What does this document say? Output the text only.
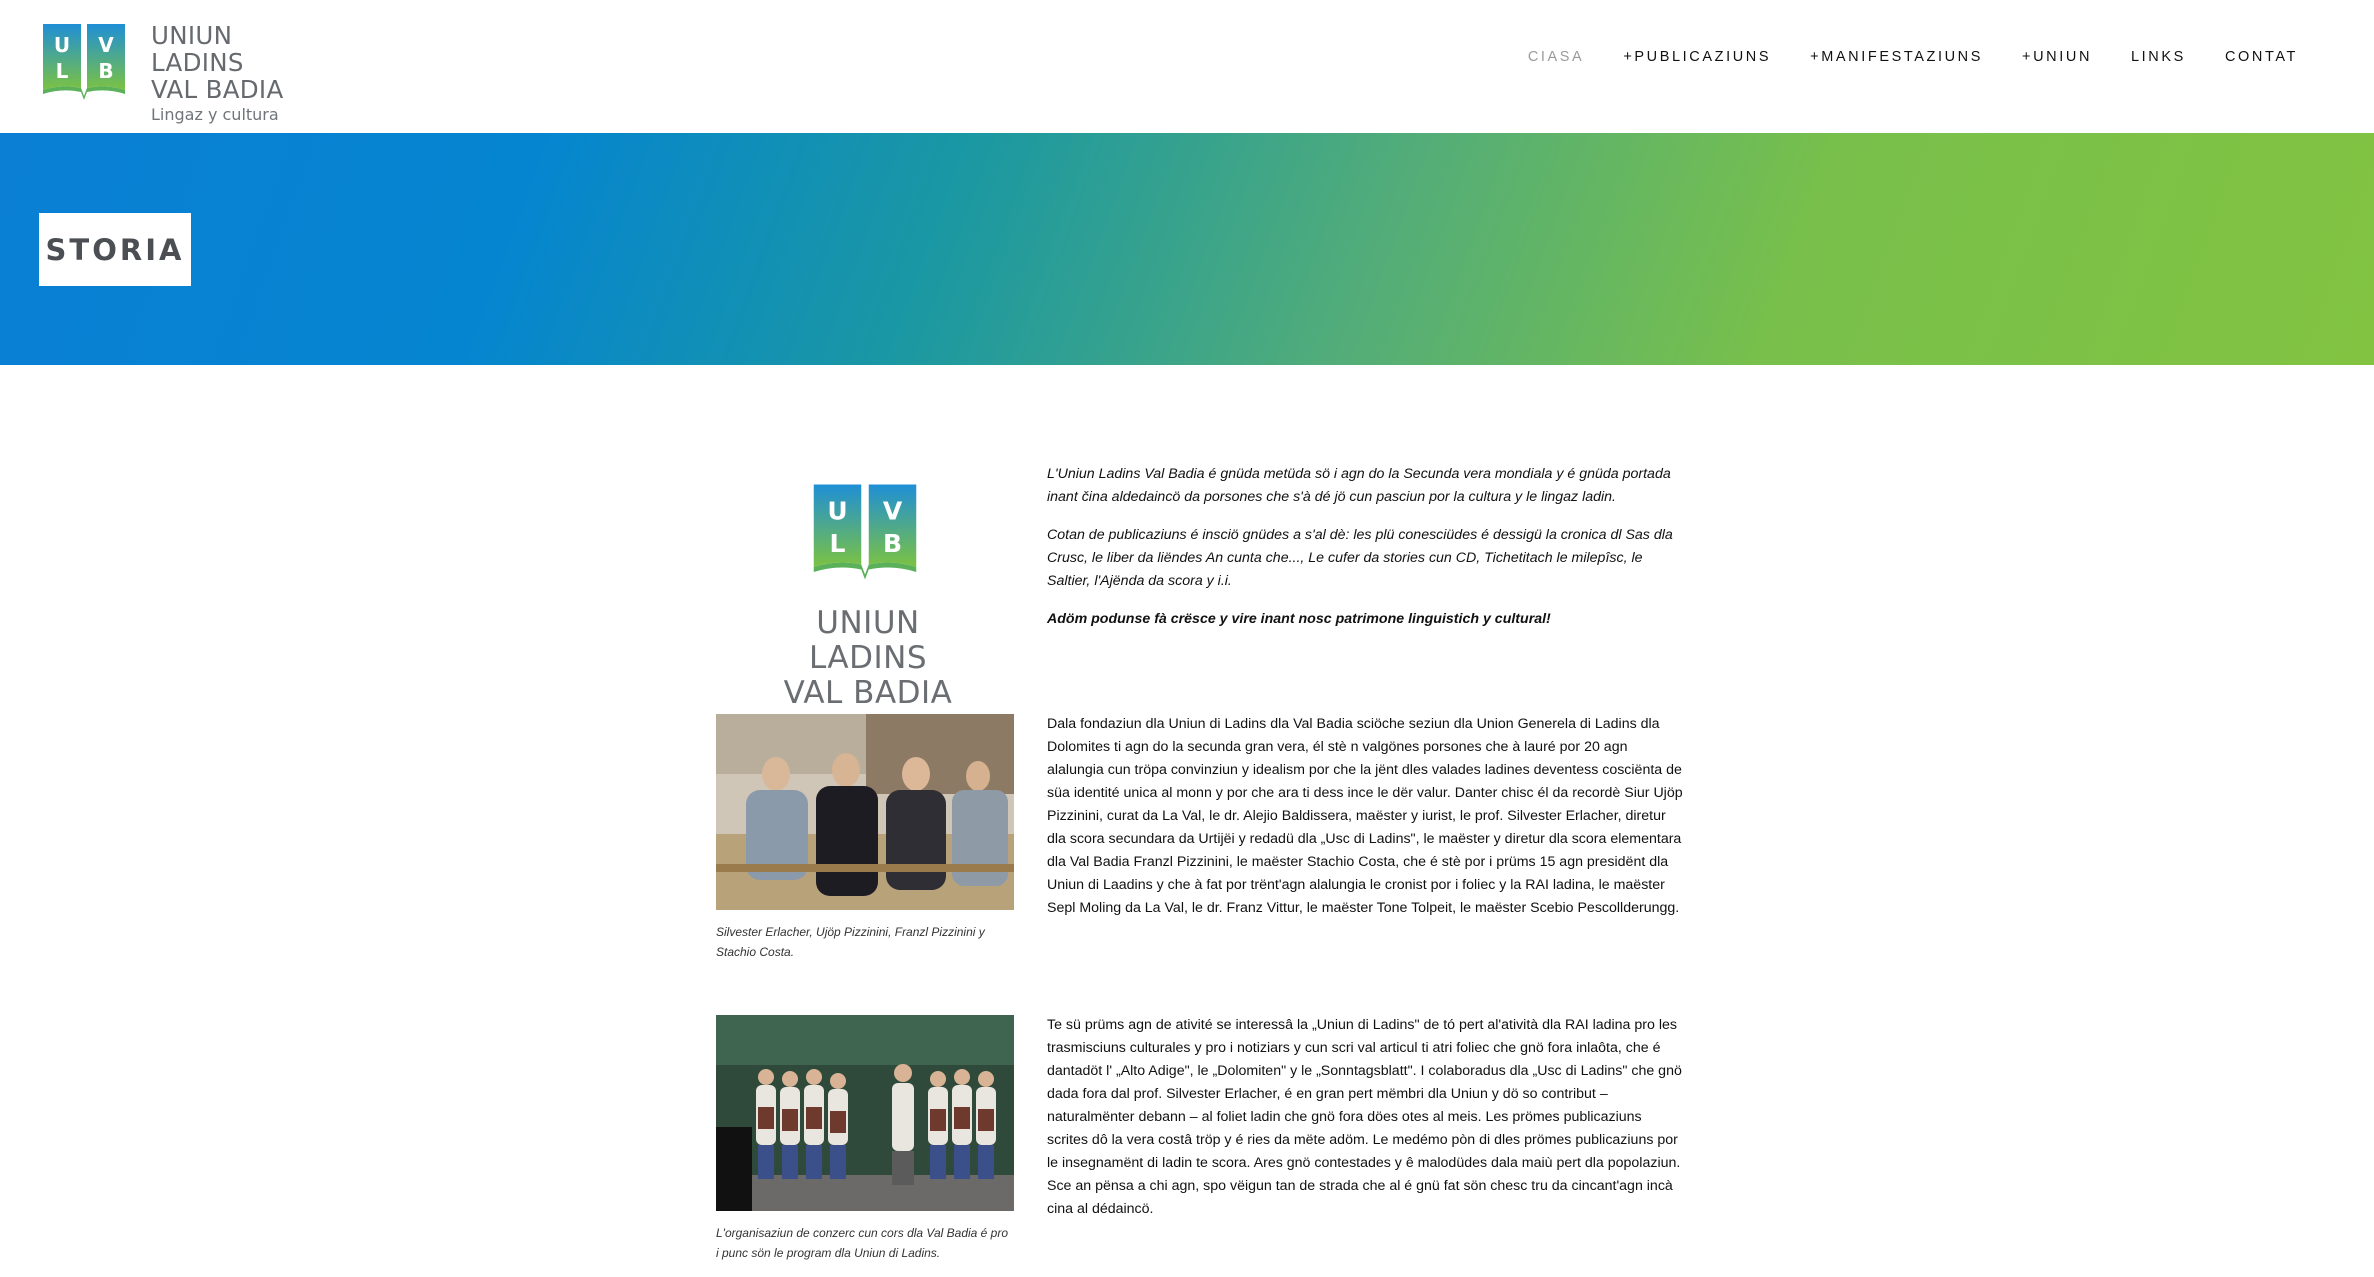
U V
L B
UNIUN LADINS
VAL BADIA
Lingaz y cultura
CIASA	+PUBLICAZIUNS	+MANIFESTAZIUNS	+UNIUN	LINKS	CONTAT
STORIA
U V
L B
UNIUN LADINS
VAL BADIA

L'Uniun Ladins Val Badia é gnüda metüda sö i agn do la Secunda vera mondiala y é gnüda portada inant čina aldedaincö da porsones che s'à dé jö cun pasciun por la cultura y le lingaz ladin.

Cotan de publicaziuns é insciö gnüdes a s'al dè: les plü conesciüdes é dessigü la cronica dl Sas dla Crusc, le liber da liëndes An cunta che..., Le cufer da stories cun CD, Tichetitach le milepîsc, le Saltier, l'Ajënda da scora y i.i.

Adöm podunse fà crësce y vire inant nosc patrimone linguistich y cultural!

Silvester Erlacher, Ujöp Pizzinini, Franzl Pizzinini y Stachio Costa.

Dala fondaziun dla Uniun di Ladins dla Val Badia sciöche seziun dla Union Generela di Ladins dla Dolomites ti agn do la secunda gran vera, él stè n valgönes porsones che à lauré por 20 agn alalungia cun tröpa convinziun y idealism por che la jënt dles valades ladines deventess cosciënta de süa identité unica al monn y por che ara ti dess ince le dër valur. Danter chisc él da recordè Siur Ujöp Pizzinini, curat da La Val, le dr. Alejio Baldissera, maëster y iurist, le prof. Silvester Erlacher, diretur dla scora secundara da Urtijëi y redadü dla „Usc di Ladins", le maëster y diretur dla scora elementara dla Val Badia Franzl Pizzinini, le maëster Stachio Costa, che é stè por i prüms 15 agn presidënt dla Uniun di Laadins y che à fat por trënt'agn alalungia le cronist por i foliec y la RAI ladina, le maëster Sepl Moling da La Val, le dr. Franz Vittur, le maëster Tone Tolpeit, le maëster Scebio Pescollderungg.

L'organisaziun de conzerc cun cors dla Val Badia é pro i punc sön le program dla Uniun di Ladins.

Te sü prüms agn de ativité se interessâ la „Uniun di Ladins" de tó pert al'atività dla RAI ladina pro les trasmisciuns culturales y pro i notiziars y cun scri val articul ti atri foliec che gnö fora inlaôta, che é dantadöt l' „Alto Adige", le „Dolomiten" y le „Sonntagsblatt". I colaboradus dla „Usc di Ladins" che gnö dada fora dal prof. Silvester Erlacher, é en gran pert mëmbri dla Uniun y dö so contribut – naturalmënter debann – al foliet ladin che gnö fora döes otes al meis. Les prömes publicaziuns scrites dô la vera costâ tröp y é ries da mëte adöm. Le medémo pòn di dles prömes publicaziuns por le insegnamënt di ladin te scora. Ares gnö contestades y ê malodüdes dala maiù pert dla popolaziun. Sce an pënsa a chi agn, spo vëigun tan de strada che al é gnü fat sön chesc tru da cincant'agn incà cina al dédaincö.
